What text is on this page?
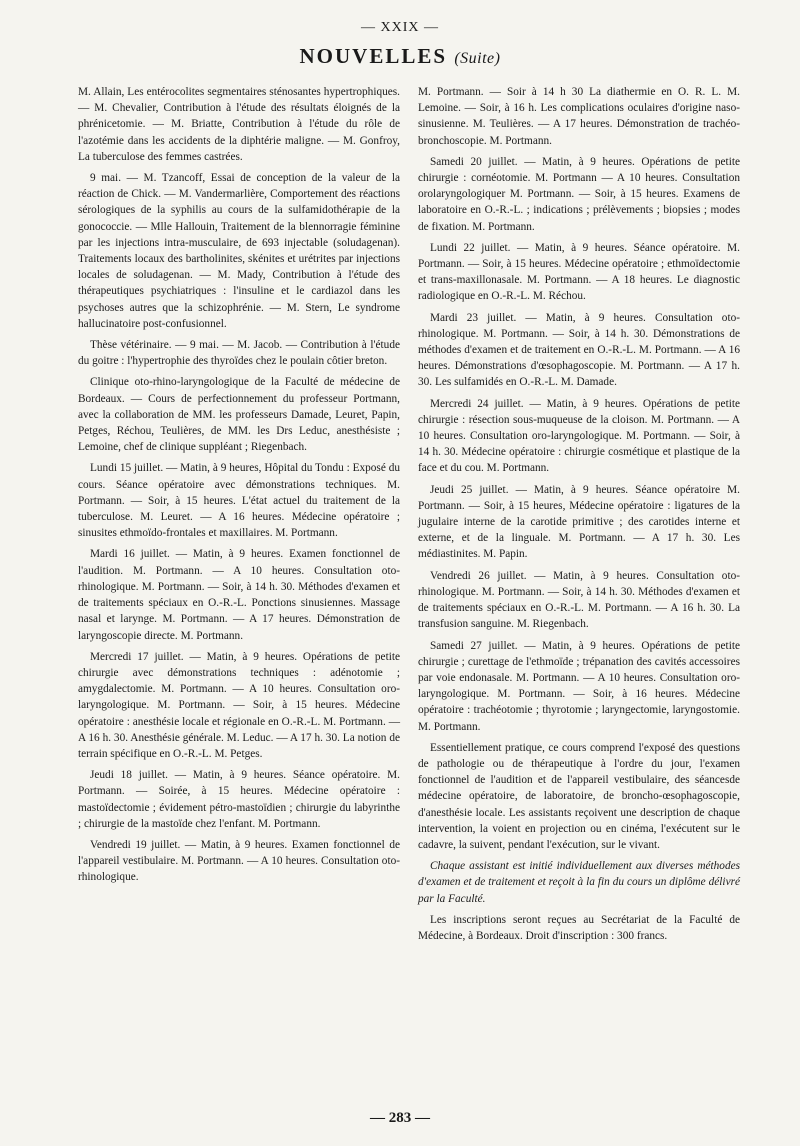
— XXIX —
NOUVELLES (Suite)

M. Allain, Les entérocolites segmentaires sténosantes hypertrophiques. — M. Chevalier, Contribution à l'étude des résultats éloignés de la phrénicetomie. — M. Briatte, Contribution à l'étude du rôle de l'azotémie dans les accidents de la diphtérie maligne. — M. Gonfroy, La tuberculose des femmes castrées.

9 mai. — M. Tzancoff, Essai de conception de la valeur de la réaction de Chick. — M. Vandermarlière, Comportement des réactions sérologiques de la syphilis au cours de la sulfamidothérapie de la gonococcie. — Mlle Hallouin, Traitement de la blennorragie féminine par les injections intra-musculaire, de 693 injectable (soludagenan). Traitements locaux des bartholinites, skénites et urétrites par injections locales de soludagenan. — M. Mady, Contribution à l'étude des thérapeutiques psychiatriques : l'insuline et le cardiazol dans les psychoses autres que la schizophrénie. — M. Stern, Le syndrome hallucinatoire post-confusionnel.

Thèse vétérinaire. — 9 mai. — M. Jacob. — Contribution à l'étude du goitre : l'hypertrophie des thyroïdes chez le poulain côtier breton.

Clinique oto-rhino-laryngologique de la Faculté de médecine de Bordeaux. — Cours de perfectionnement du professeur Portmann, avec la collaboration de MM. les professeurs Damade, Leuret, Papin, Petges, Réchou, Teulières, de MM. les Drs Leduc, anesthésiste ; Lemoine, chef de clinique suppléant ; Riegenbach.

Lundi 15 juillet. — Matin, à 9 heures, Hôpital du Tondu : Exposé du cours. Séance opératoire avec démonstrations techniques. M. Portmann. — Soir, à 15 heures. L'état actuel du traitement de la tuberculose. M. Leuret. — A 16 heures. Médecine opératoire ; sinusites ethmoïdo-frontales et maxillaires. M. Portmann.

Mardi 16 juillet. — Matin, à 9 heures. Examen fonctionnel de l'audition. M. Portmann. — A 10 heures. Consultation oto-rhinologique. M. Portmann. — Soir, à 14 h. 30. Méthodes d'examen et de traitements spéciaux en O.-R.-L. Ponctions sinusiennes. Massage nasal et larynge. M. Portmann. — A 17 heures. Démonstration de laryngoscopie directe. M. Portmann.

Mercredi 17 juillet. — Matin, à 9 heures. Opérations de petite chirurgie avec démonstrations techniques : adénotomie ; amygdalectomie. M. Portmann. — A 10 heures. Consultation oro-laryngologique. M. Portmann. — Soir, à 15 heures. Médecine opératoire : anesthésie locale et régionale en O.-R.-L. M. Portmann. — A 16 h. 30. Anesthésie générale. M. Leduc. — A 17 h. 30. La notion de terrain spécifique en O.-R.-L. M. Petges.

Jeudi 18 juillet. — Matin, à 9 heures. Séance opératoire. M. Portmann. — Soirée, à 15 heures. Médecine opératoire : mastoïdectomie ; évidement pétro-mastoïdien ; chirurgie du labyrinthe ; chirurgie de la mastoïde chez l'enfant. M. Portmann.

Vendredi 19 juillet. — Matin, à 9 heures. Examen fonctionnel de l'appareil vestibulaire. M. Portmann. — A 10 heures. Consultation oto-rhinologique.

M. Portmann. — Soir à 14 h 30 La diathermie en O. R. L. M. Lemoine. — Soir, à 16 h. Les complications oculaires d'origine naso-sinusienne. M. Teulières. — A 17 heures. Démonstration de trachéo-bronchoscopie. M. Portmann.

Samedi 20 juillet. — Matin, à 9 heures. Opérations de petite chirurgie : cornéotomie. M. Portmann — A 10 heures. Consultation orolaryngologiquer M. Portmann. — Soir, à 15 heures. Examens de laboratoire en O.-R.-L. ; indications ; prélèvements ; biopsies ; modes de fixation. M. Portmann.

Lundi 22 juillet. — Matin, à 9 heures. Séance opératoire. M. Portmann. — Soir, à 15 heures. Médecine opératoire ; ethmoïdectomie et trans-maxillonasale. M. Portmann. — A 18 heures. Le diagnostic radiologique en O.-R.-L. M. Réchou.

Mardi 23 juillet. — Matin, à 9 heures. Consultation oto-rhinologique. M. Portmann. — Soir, à 14 h. 30. Démonstrations de méthodes d'examen et de traitement en O.-R.-L. M. Portmann. — A 16 heures. Démonstrations d'œsophagoscopie. M. Portmann. — A 17 h. 30. Les sulfamidés en O.-R.-L. M. Damade.

Mercredi 24 juillet. — Matin, à 9 heures. Opérations de petite chirurgie : résection sous-muqueuse de la cloison. M. Portmann. — A 10 heures. Consultation oro-laryngologique. M. Portmann. — Soir, à 14 h. 30. Médecine opératoire : chirurgie cosmétique et plastique de la face et du cou. M. Portmann.

Jeudi 25 juillet. — Matin, à 9 heures. Séance opératoire M. Portmann. — Soir, à 15 heures, Médecine opératoire : ligatures de la jugulaire interne de la carotide primitive ; des carotides interne et externe, et de la linguale. M. Portmann. — A 17 h. 30. Les médiastinites. M. Papin.

Vendredi 26 juillet. — Matin, à 9 heures. Consultation oto-rhinologique. M. Portmann. — Soir, à 14 h. 30. Méthodes d'examen et de traitements spéciaux en O.-R.-L. M. Portmann. — A 16 h. 30. La transfusion sanguine. M. Riegenbach.

Samedi 27 juillet. — Matin, à 9 heures. Opérations de petite chirurgie ; curettage de l'ethmoïde ; trépanation des cavités accessoires par voie endonasale. M. Portmann. — A 10 heures. Consultation oro-laryngologique. M. Portmann. — Soir, à 16 heures. Médecine opératoire : trachéotomie ; thyrotomie ; laryngectomie, laryngostomie. M. Portmann.

Essentiellement pratique, ce cours comprend l'exposé des questions de pathologie ou de thérapeutique à l'ordre du jour, l'examen fonctionnel de l'audition et de l'appareil vestibulaire, des séancesde médecine opératoire, de laboratoire, de broncho-œsophagoscopie, d'anesthésie locale. Les assistants reçoivent une description de chaque intervention, la voient en projection ou en cinéma, l'exécutent sur le cadavre, la suivent, pendant l'exécution, sur le vivant.

Chaque assistant est initié individuellement aux diverses méthodes d'examen et de traitement et reçoit à la fin du cours un diplôme délivré par la Faculté.

Les inscriptions seront reçues au Secrétariat de la Faculté de Médecine, à Bordeaux. Droit d'inscription : 300 francs.

— 283 —
